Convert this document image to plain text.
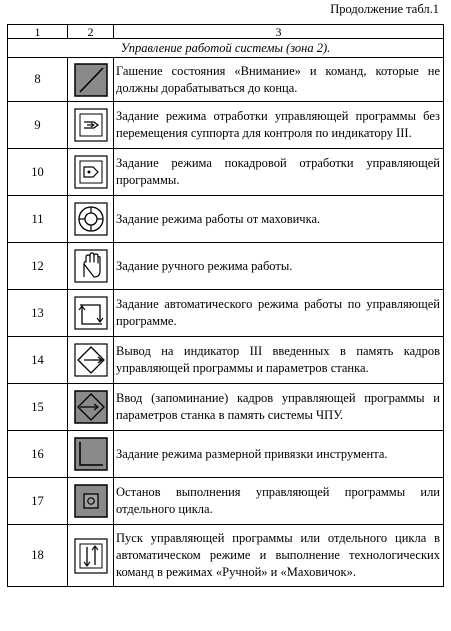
Продолжение табл.1
1	2	3
Управление работой системы (зона 2).		
8		Гашение состояния «Внимание» и команд, которые не должны дорабатываться до конца.
9		Задание режима отработки управляющей программы без перемещения суппорта для контроля по индикатору III.
10		Задание режима покадровой отработки управляющей программы.
11		Задание режима работы от маховичка.
12		Задание ручного режима работы.
13		Задание автоматического режима работы по управляющей программе.
14		Вывод на индикатор III введенных в память кадров управляющей программы и параметров станка.
15		Ввод (запоминание) кадров управляющей программы и параметров станка в память системы ЧПУ.
16		Задание режима размерной привязки инструмента.
17		Останов выполнения управляющей программы или отдельного цикла.
18		Пуск управляющей программы или отдельного цикла в автоматическом режиме и выполнение технологических команд в режимах «Ручной» и «Маховичок».
